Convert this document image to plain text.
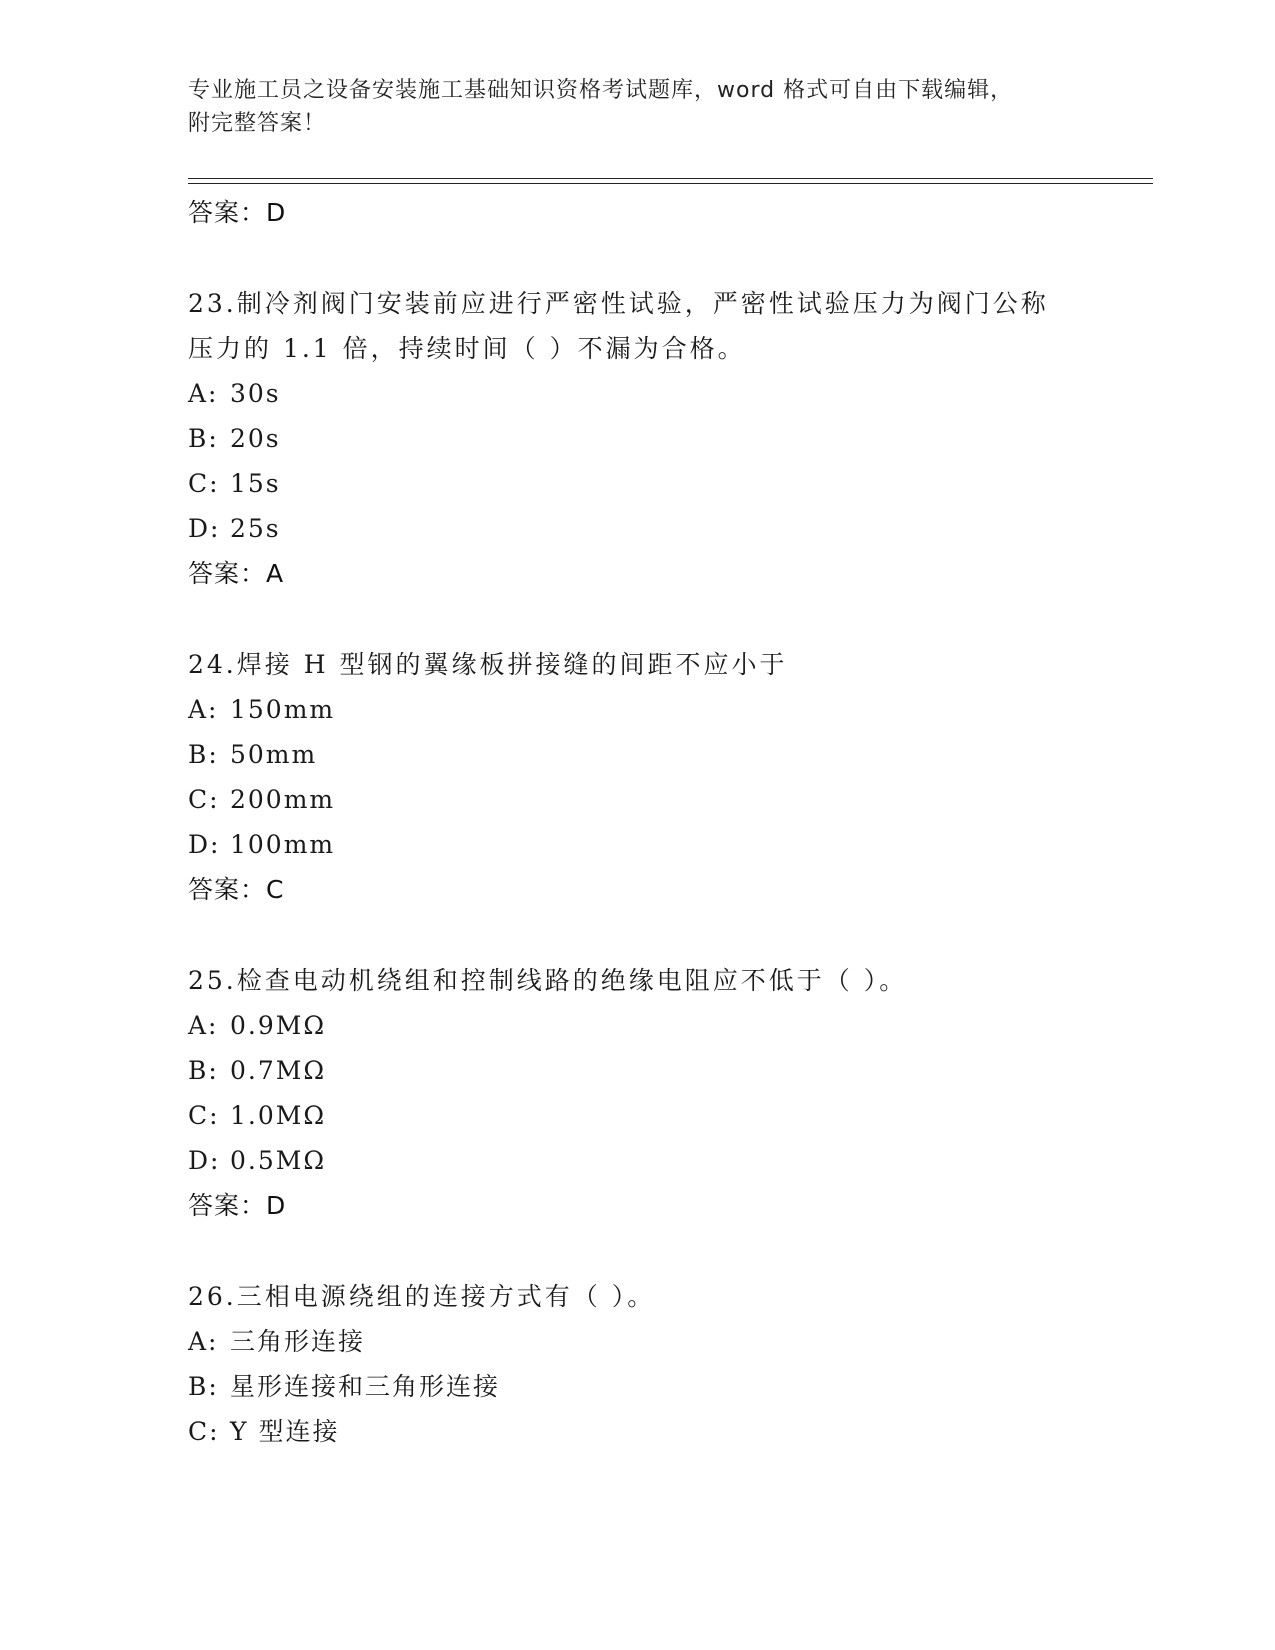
专业施工员之设备安装施工基础知识资格考试题库，word 格式可自由下载编辑，
附完整答案！
答案：D
23.制冷剂阀门安装前应进行严密性试验，严密性试验压力为阀门公称
压力的 1.1 倍，持续时间（ ）不漏为合格。
A: 30s
B: 20s
C: 15s
D: 25s
答案：A
24.焊接 H 型钢的翼缘板拼接缝的间距不应小于
A: 150mm
B: 50mm
C: 200mm
D: 100mm
答案：C
25.检查电动机绕组和控制线路的绝缘电阻应不低于（ ）。
A: 0.9MΩ
B: 0.7MΩ
C: 1.0MΩ
D: 0.5MΩ
答案：D
26.三相电源绕组的连接方式有（ ）。
A: 三角形连接
B: 星形连接和三角形连接
C: Y 型连接
